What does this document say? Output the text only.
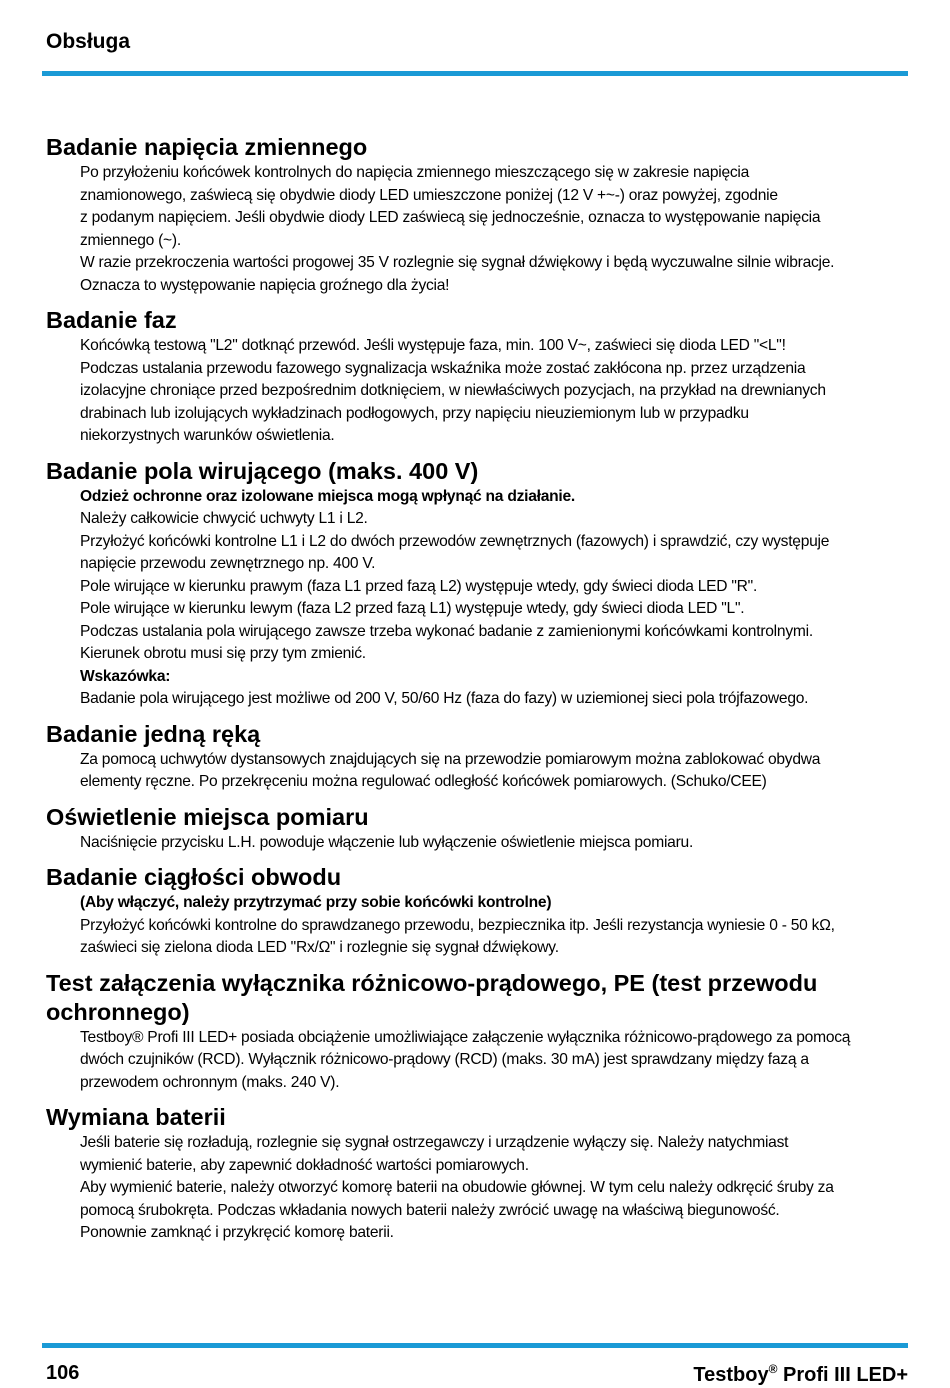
Obsługa
Badanie napięcia zmiennego

Po przyłożeniu końcówek kontrolnych do napięcia zmiennego mieszczącego się w zakresie napięcia

znamionowego, zaświecą się obydwie diody LED umieszczone poniżej (12 V +~-) oraz powyżej, zgodnie

z podanym napięciem. Jeśli obydwie diody LED zaświecą się jednocześnie, oznacza to występowanie napięcia

zmiennego (~).

W razie przekroczenia wartości progowej 35 V rozlegnie się sygnał dźwiękowy i będą wyczuwalne silnie wibracje.

Oznacza to występowanie napięcia groźnego dla życia!

Badanie faz

Końcówką testową "L2" dotknąć przewód. Jeśli występuje faza, min. 100 V~, zaświeci się dioda LED "<L"!

Podczas ustalania przewodu fazowego sygnalizacja wskaźnika może zostać zakłócona np. przez urządzenia

izolacyjne chroniące przed bezpośrednim dotknięciem, w niewłaściwych pozycjach, na przykład na drewnianych

drabinach lub izolujących wykładzinach podłogowych, przy napięciu nieuziemionym lub w przypadku

niekorzystnych warunków oświetlenia.

Badanie pola wirującego (maks. 400 V)

Odzież ochronne oraz izolowane miejsca mogą wpłynąć na działanie.

Należy całkowicie chwycić uchwyty L1 i L2.

Przyłożyć końcówki kontrolne L1 i L2 do dwóch przewodów zewnętrznych (fazowych) i sprawdzić, czy występuje

napięcie przewodu zewnętrznego np. 400 V.

Pole wirujące w kierunku prawym (faza L1 przed fazą L2) występuje wtedy, gdy świeci dioda LED "R".

Pole wirujące w kierunku lewym (faza L2 przed fazą L1) występuje wtedy, gdy świeci dioda LED "L".

Podczas ustalania pola wirującego zawsze trzeba wykonać badanie z zamienionymi końcówkami kontrolnymi.

Kierunek obrotu musi się przy tym zmienić.

Wskazówka:

Badanie pola wirującego jest możliwe od 200 V, 50/60 Hz (faza do fazy) w uziemionej sieci pola trójfazowego.

Badanie jedną ręką

Za pomocą uchwytów dystansowych znajdujących się na przewodzie pomiarowym można zablokować obydwa

elementy ręczne. Po przekręceniu można regulować odległość końcówek pomiarowych. (Schuko/CEE)

Oświetlenie miejsca pomiaru

Naciśnięcie przycisku L.H. powoduje włączenie lub wyłączenie oświetlenie miejsca pomiaru.

Badanie ciągłości obwodu

(Aby włączyć, należy przytrzymać przy sobie końcówki kontrolne)

Przyłożyć końcówki kontrolne do sprawdzanego przewodu, bezpiecznika itp. Jeśli rezystancja wyniesie 0 - 50 kΩ,

zaświeci się zielona dioda LED "Rx/Ω" i rozlegnie się sygnał dźwiękowy.

Test załączenia wyłącznika różnicowo-prądowego, PE (test przewodu ochronnego)

Testboy® Profi III LED+ posiada obciążenie umożliwiające załączenie wyłącznika różnicowo-prądowego za pomocą

dwóch czujników (RCD). Wyłącznik różnicowo-prądowy (RCD) (maks. 30 mA) jest sprawdzany między fazą a

przewodem ochronnym (maks. 240 V).

Wymiana baterii

Jeśli baterie się rozładują, rozlegnie się sygnał ostrzegawczy i urządzenie wyłączy się. Należy natychmiast

wymienić baterie, aby zapewnić dokładność wartości pomiarowych.

Aby wymienić baterie, należy otworzyć komorę baterii na obudowie głównej. W tym celu należy odkręcić śruby za

pomocą śrubokręta. Podczas wkładania nowych baterii należy zwrócić uwagę na właściwą biegunowość.

Ponownie zamknąć i przykręcić komorę baterii.

106	Testboy® Profi III LED+
